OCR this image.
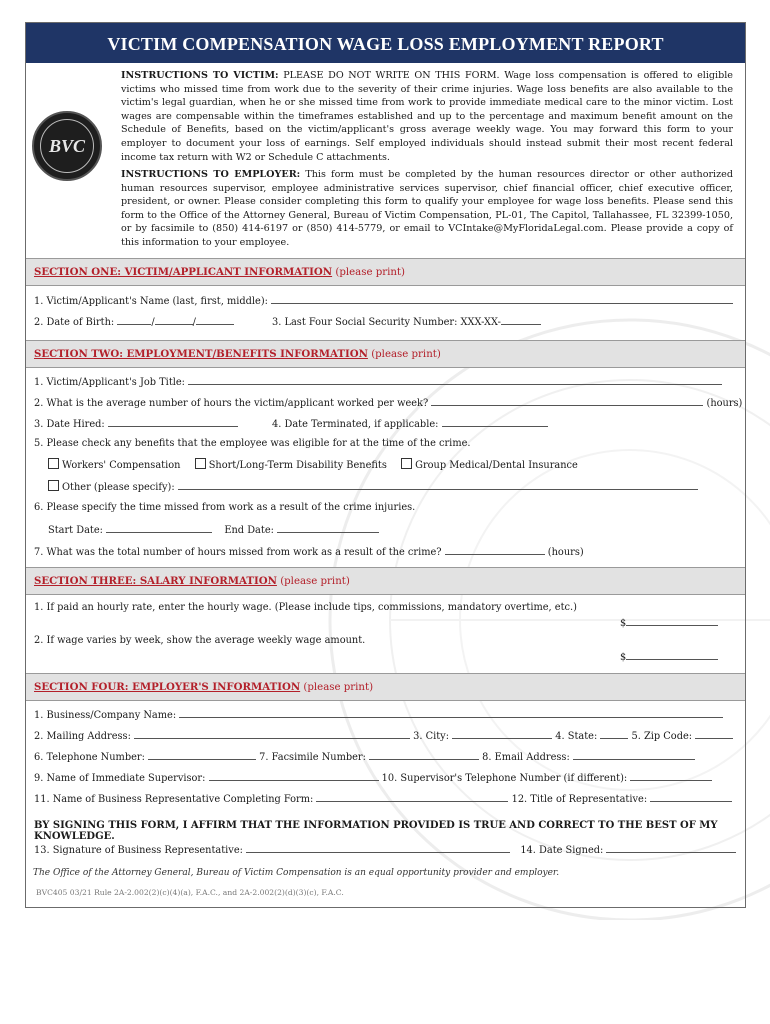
VICTIM COMPENSATION WAGE LOSS EMPLOYMENT REPORT
BVC
INSTRUCTIONS TO VICTIM: PLEASE DO NOT WRITE ON THIS FORM. Wage loss compensation is offered to eligible victims who missed time from work due to the severity of their crime injuries. Wage loss benefits are also available to the victim's legal guardian, when he or she missed time from work to provide immediate medical care to the minor victim. Lost wages are compensable within the timeframes established and up to the percentage and maximum benefit amount on the Schedule of Benefits, based on the victim/applicant's gross average weekly wage. You may forward this form to your employer to document your loss of earnings. Self employed individuals should instead submit their most recent federal income tax return with W2 or Schedule C attachments.
INSTRUCTIONS TO EMPLOYER: This form must be completed by the human resources director or other authorized human resources supervisor, employee administrative services supervisor, chief financial officer, chief executive officer, president, or owner. Please consider completing this form to qualify your employee for wage loss benefits. Please send this form to the Office of the Attorney General, Bureau of Victim Compensation, PL-01, The Capitol, Tallahassee, FL 32399-1050, or by facsimile to (850) 414-6197 or (850) 414-5779, or email to VCIntake@MyFloridaLegal.com. Please provide a copy of this information to your employee.
SECTION ONE: VICTIM/APPLICANT INFORMATION (please print)
1. Victim/Applicant's Name (last, first, middle):
2. Date of Birth:	/	/	3. Last Four Social Security Number: XXX-XX-
SECTION TWO: EMPLOYMENT/BENEFITS INFORMATION (please print)
1. Victim/Applicant's Job Title:
2. What is the average number of hours the victim/applicant worked per week?	(hours)
3. Date Hired:	4. Date Terminated, if applicable:
5. Please check any benefits that the employee was eligible for at the time of the crime.
Workers' Compensation	Short/Long-Term Disability Benefits	Group Medical/Dental Insurance
Other (please specify):
6. Please specify the time missed from work as a result of the crime injuries.
Start Date:	End Date:
7. What was the total number of hours missed from work as a result of the crime?	(hours)
SECTION THREE: SALARY INFORMATION (please print)
1. If paid an hourly rate, enter the hourly wage. (Please include tips, commissions, mandatory overtime, etc.)
$
2. If wage varies by week, show the average weekly wage amount.
$
SECTION FOUR: EMPLOYER'S INFORMATION (please print)
1. Business/Company Name:
2. Mailing Address:	3. City:	4. State:	5. Zip Code:
6. Telephone Number:	7. Facsimile Number:	8. Email Address:
9. Name of Immediate Supervisor:	10. Supervisor's Telephone Number (if different):
11. Name of Business Representative Completing Form:	12. Title of Representative:
BY SIGNING THIS FORM, I AFFIRM THAT THE INFORMATION PROVIDED IS TRUE AND CORRECT TO THE BEST OF MY KNOWLEDGE.
13. Signature of Business Representative:	14. Date Signed:
The Office of the Attorney General, Bureau of Victim Compensation is an equal opportunity provider and employer.
BVC405 03/21 Rule 2A-2.002(2)(c)(4)(a), F.A.C., and 2A-2.002(2)(d)(3)(c), F.A.C.
